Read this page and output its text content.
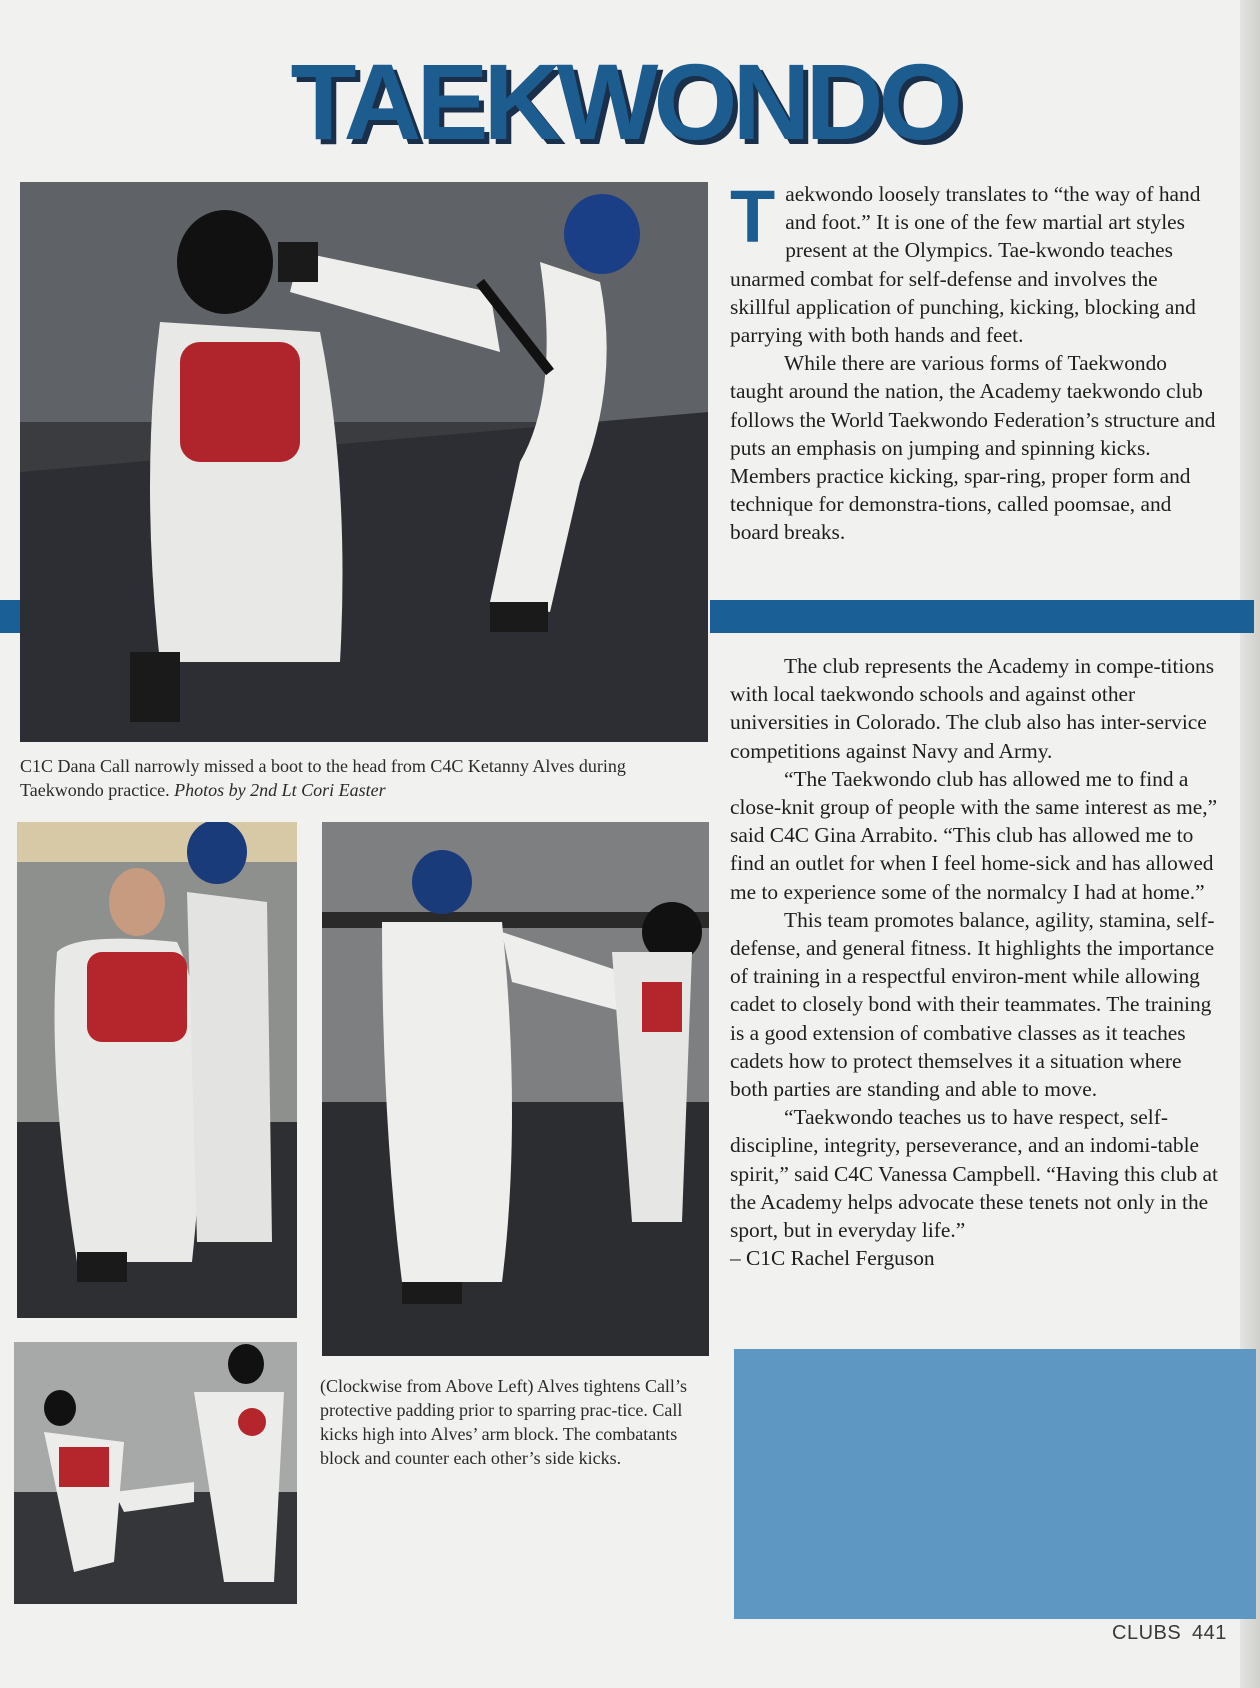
TAEKWONDO
C1C Dana Call narrowly missed a boot to the head from C4C Ketanny Alves during Taekwondo practice. Photos by 2nd Lt Cori Easter
(Clockwise from Above Left) Alves tightens Call’s protective padding prior to sparring prac-tice. Call kicks high into Alves’ arm block. The combatants block and counter each other’s side kicks.

Taekwondo loosely translates to “the way of hand and foot.” It is one of the few martial art styles present at the Olympics. Tae-kwondo teaches unarmed combat for self-defense and involves the skillful application of punching, kicking, blocking and parrying with both hands and feet.

While there are various forms of Taekwondo taught around the nation, the Academy taekwondo club follows the World Taekwondo Federation’s structure and puts an emphasis on jumping and spinning kicks. Members practice kicking, spar-ring, proper form and technique for demonstra-tions, called poomsae, and board breaks.

The club represents the Academy in compe-titions with local taekwondo schools and against other universities in Colorado. The club also has inter-service competitions against Navy and Army.

“The Taekwondo club has allowed me to find a close-knit group of people with the same interest as me,” said C4C Gina Arrabito. “This club has allowed me to find an outlet for when I feel home-sick and has allowed me to experience some of the normalcy I had at home.”

This team promotes balance, agility, stamina, self-defense, and general fitness. It highlights the importance of training in a respectful environ-ment while allowing cadet to closely bond with their teammates. The training is a good extension of combative classes as it teaches cadets how to protect themselves it a situation where both parties are standing and able to move.

“Taekwondo teaches us to have respect, self-discipline, integrity, perseverance, and an indomi-table spirit,” said C4C Vanessa Campbell. “Having this club at the Academy helps advocate these tenets not only in the sport, but in everyday life.”

– C1C Rachel Ferguson

CLUBS 441
